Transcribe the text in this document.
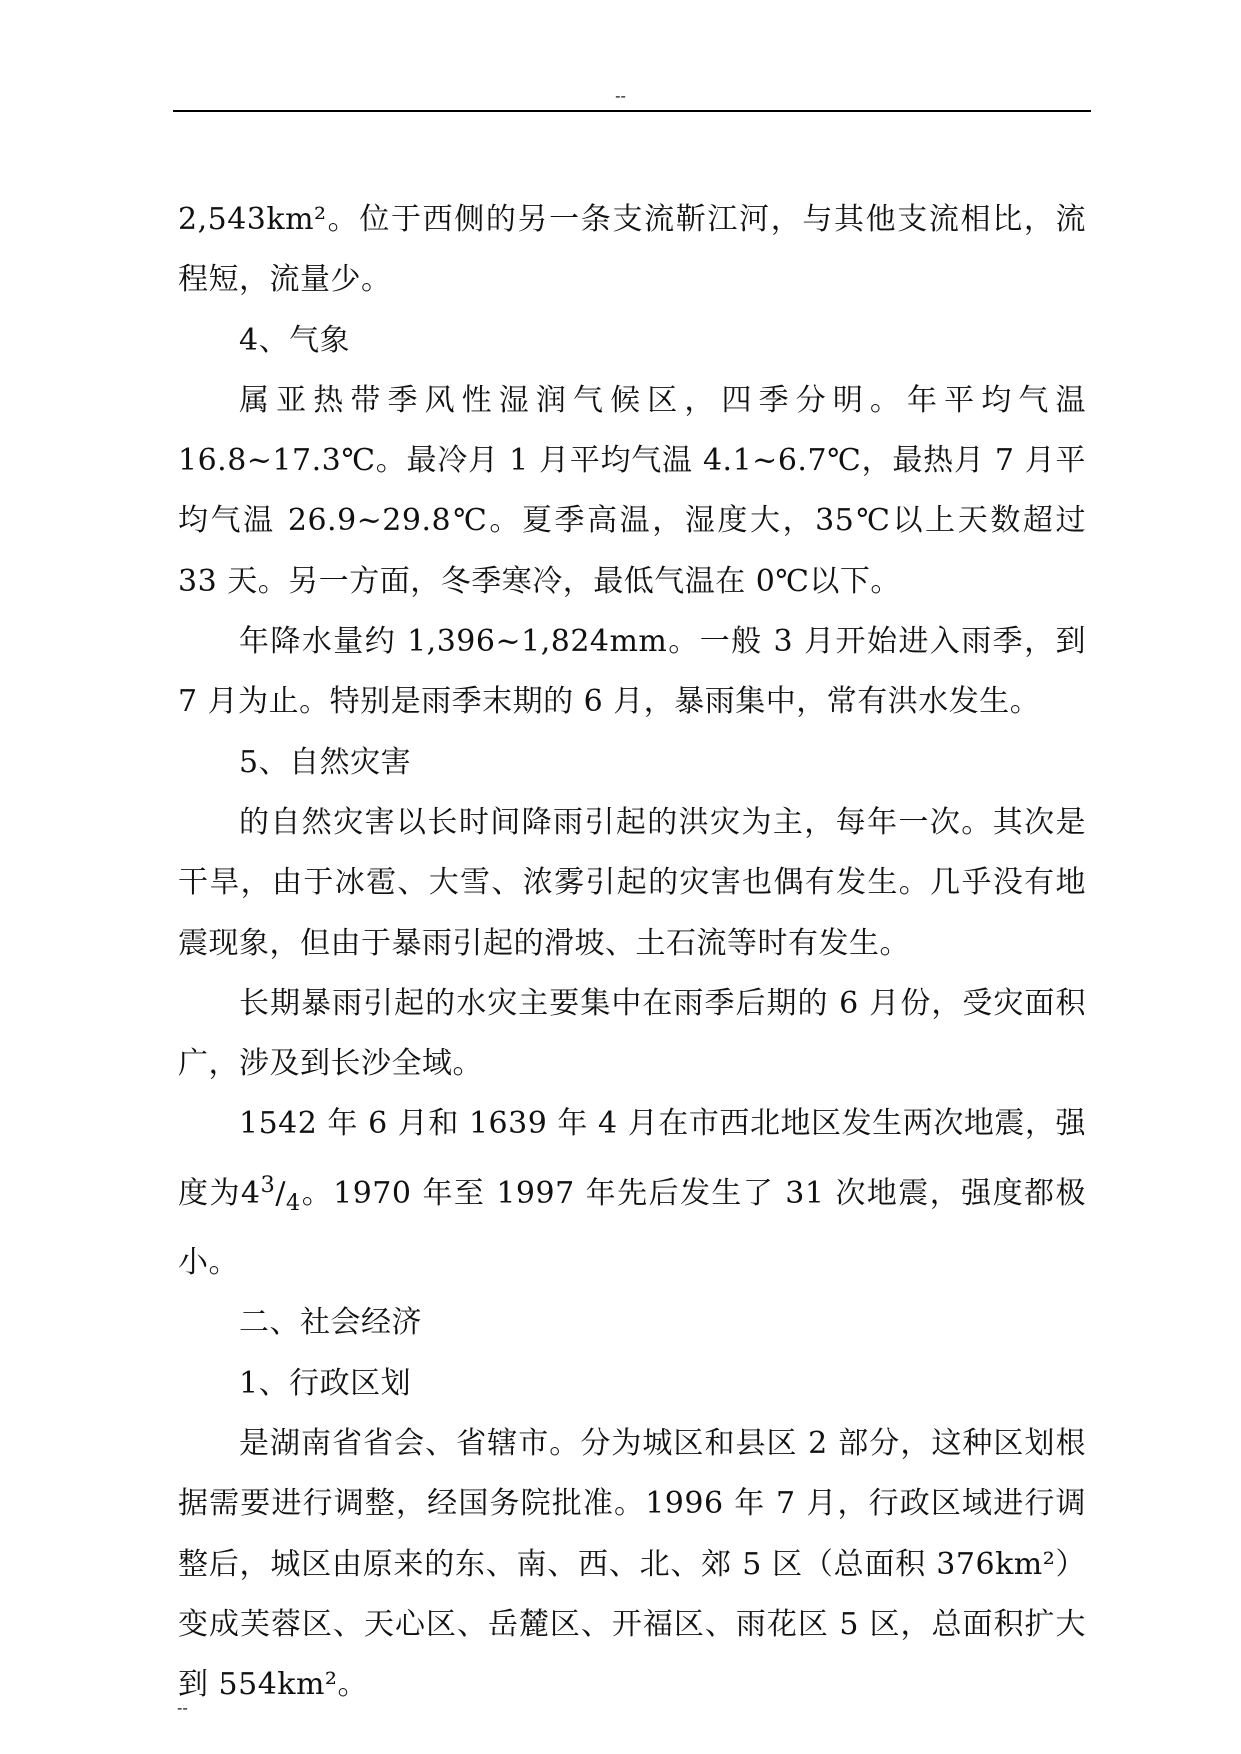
--

2,543km²。位于西侧的另一条支流靳江河，与其他支流相比，流程短，流量少。

4、气象

属亚热带季风性湿润气候区，四季分明。年平均气温 16.8~17.3℃。最冷月 1 月平均气温 4.1~6.7℃，最热月 7 月平均气温 26.9~29.8℃。夏季高温，湿度大，35℃以上天数超过 33 天。另一方面，冬季寒冷，最低气温在 0℃以下。

年降水量约 1,396~1,824mm。一般 3 月开始进入雨季，到 7 月为止。特别是雨季末期的 6 月，暴雨集中，常有洪水发生。

5、自然灾害

的自然灾害以长时间降雨引起的洪灾为主，每年一次。其次是干旱，由于冰雹、大雪、浓雾引起的灾害也偶有发生。几乎没有地震现象，但由于暴雨引起的滑坡、土石流等时有发生。

长期暴雨引起的水灾主要集中在雨季后期的 6 月份，受灾面积广，涉及到长沙全域。

1542 年 6 月和 1639 年 4 月在市西北地区发生两次地震，强度为$4^3/_4$。1970 年至 1997 年先后发生了 31 次地震，强度都极小。

二、社会经济

1、行政区划

是湖南省省会、省辖市。分为城区和县区 2 部分，这种区划根据需要进行调整，经国务院批准。1996 年 7 月，行政区域进行调整后，城区由原来的东、南、西、北、郊 5 区（总面积 376km²）变成芙蓉区、天心区、岳麓区、开福区、雨花区 5 区，总面积扩大到 554km²。

--
